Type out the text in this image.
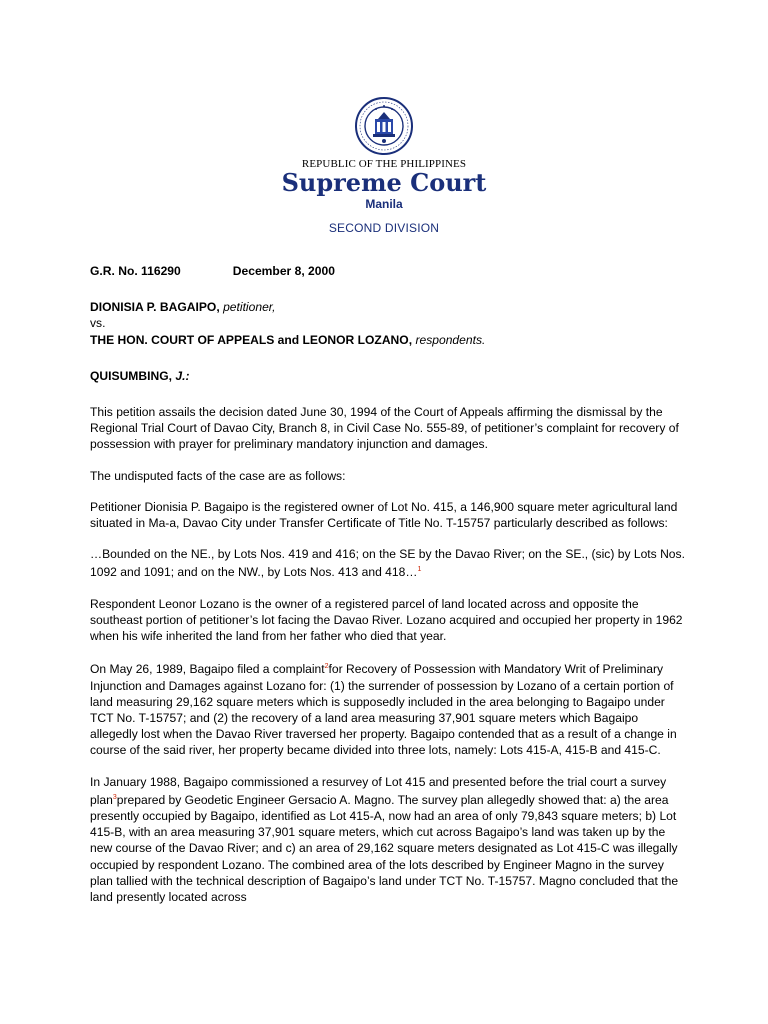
REPUBLIC OF THE PHILIPPINES
Supreme Court
Manila
SECOND DIVISION
G.R. No. 116290	December 8, 2000
DIONISIA P. BAGAIPO, petitioner,
vs.
THE HON. COURT OF APPEALS and LEONOR LOZANO, respondents.
QUISUMBING, J.:

This petition assails the decision dated June 30, 1994 of the Court of Appeals affirming the dismissal by the Regional Trial Court of Davao City, Branch 8, in Civil Case No. 555-89, of petitioner’s complaint for recovery of possession with prayer for preliminary mandatory injunction and damages.

The undisputed facts of the case are as follows:

Petitioner Dionisia P. Bagaipo is the registered owner of Lot No. 415, a 146,900 square meter agricultural land situated in Ma-a, Davao City under Transfer Certificate of Title No. T-15757 particularly described as follows:

…Bounded on the NE., by Lots Nos. 419 and 416; on the SE by the Davao River; on the SE., (sic) by Lots Nos. 1092 and 1091; and on the NW., by Lots Nos. 413 and 418…$^1$

Respondent Leonor Lozano is the owner of a registered parcel of land located across and opposite the southeast portion of petitioner’s lot facing the Davao River. Lozano acquired and occupied her property in 1962 when his wife inherited the land from her father who died that year.

On May 26, 1989, Bagaipo filed a complaint$^2$for Recovery of Possession with Mandatory Writ of Preliminary Injunction and Damages against Lozano for: (1) the surrender of possession by Lozano of a certain portion of land measuring 29,162 square meters which is supposedly included in the area belonging to Bagaipo under TCT No. T-15757; and (2) the recovery of a land area measuring 37,901 square meters which Bagaipo allegedly lost when the Davao River traversed her property. Bagaipo contended that as a result of a change in course of the said river, her property became divided into three lots, namely: Lots 415-A, 415-B and 415-C.

In January 1988, Bagaipo commissioned a resurvey of Lot 415 and presented before the trial court a survey plan$^3$prepared by Geodetic Engineer Gersacio A. Magno. The survey plan allegedly showed that: a) the area presently occupied by Bagaipo, identified as Lot 415-A, now had an area of only 79,843 square meters; b) Lot 415-B, with an area measuring 37,901 square meters, which cut across Bagaipo’s land was taken up by the new course of the Davao River; and c) an area of 29,162 square meters designated as Lot 415-C was illegally occupied by respondent Lozano. The combined area of the lots described by Engineer Magno in the survey plan tallied with the technical description of Bagaipo’s land under TCT No. T-15757. Magno concluded that the land presently located across
